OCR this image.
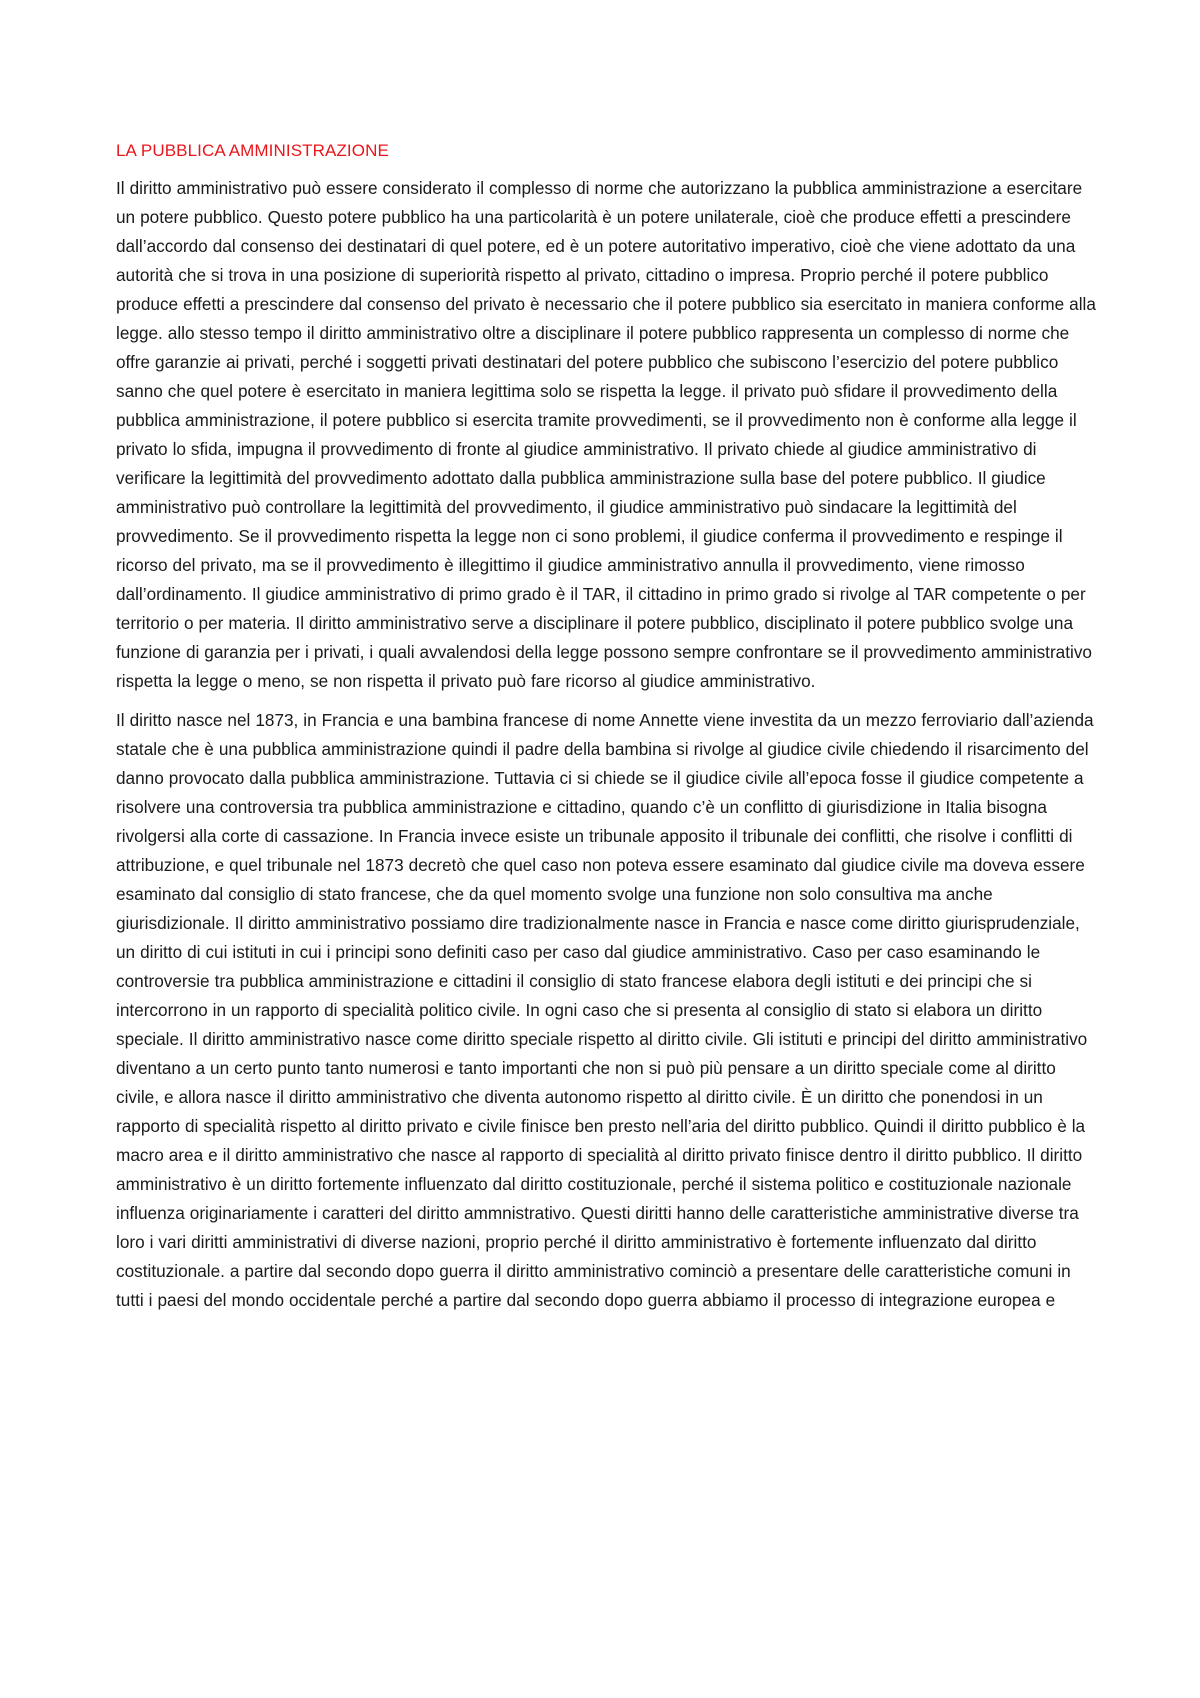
LA PUBBLICA AMMINISTRAZIONE

Il diritto amministrativo può essere considerato il complesso di norme che autorizzano la pubblica amministrazione a esercitare un potere pubblico. Questo potere pubblico ha una particolarità è un potere unilaterale, cioè che produce effetti a prescindere dall’accordo dal consenso dei destinatari di quel potere, ed è un potere autoritativo imperativo, cioè che viene adottato da una autorità che si trova in una posizione di superiorità rispetto al privato, cittadino o impresa. Proprio perché il potere pubblico produce effetti a prescindere dal consenso del privato è necessario che il potere pubblico sia esercitato in maniera conforme alla legge. allo stesso tempo il diritto amministrativo oltre a disciplinare il potere pubblico rappresenta un complesso di norme che offre garanzie ai privati, perché i soggetti privati destinatari del potere pubblico che subiscono l’esercizio del potere pubblico sanno che quel potere è esercitato in maniera legittima solo se rispetta la legge. il privato può sfidare il provvedimento della pubblica amministrazione, il potere pubblico si esercita tramite provvedimenti, se il provvedimento non è conforme alla legge il privato lo sfida, impugna il provvedimento di fronte al giudice amministrativo. Il privato chiede al giudice amministrativo di verificare la legittimità del provvedimento adottato dalla pubblica amministrazione sulla base del potere pubblico. Il giudice amministrativo può controllare la legittimità del provvedimento, il giudice amministrativo può sindacare la legittimità del provvedimento. Se il provvedimento rispetta la legge non ci sono problemi, il giudice conferma il provvedimento e respinge il ricorso del privato, ma se il provvedimento è illegittimo il giudice amministrativo annulla il provvedimento, viene rimosso dall’ordinamento. Il giudice amministrativo di primo grado è il TAR, il cittadino in primo grado si rivolge al TAR competente o per territorio o per materia. Il diritto amministrativo serve a disciplinare il potere pubblico, disciplinato il potere pubblico svolge una funzione di garanzia per i privati, i quali avvalendosi della legge possono sempre confrontare se il provvedimento amministrativo rispetta la legge o meno, se non rispetta il privato può fare ricorso al giudice amministrativo.

Il diritto nasce nel 1873, in Francia e una bambina francese di nome Annette viene investita da un mezzo ferroviario dall’azienda statale che è una pubblica amministrazione quindi il padre della bambina si rivolge al giudice civile chiedendo il risarcimento del danno provocato dalla pubblica amministrazione. Tuttavia ci si chiede se il giudice civile all’epoca fosse il giudice competente a risolvere una controversia tra pubblica amministrazione e cittadino, quando c’è un conflitto di giurisdizione in Italia bisogna rivolgersi alla corte di cassazione. In Francia invece esiste un tribunale apposito il tribunale dei conflitti, che risolve i conflitti di attribuzione, e quel tribunale nel 1873 decretò che quel caso non poteva essere esaminato dal giudice civile ma doveva essere esaminato dal consiglio di stato francese, che da quel momento svolge una funzione non solo consultiva ma anche giurisdizionale. Il diritto amministrativo possiamo dire tradizionalmente nasce in Francia e nasce come diritto giurisprudenziale, un diritto di cui istituti in cui i principi sono definiti caso per caso dal giudice amministrativo. Caso per caso esaminando le controversie tra pubblica amministrazione e cittadini il consiglio di stato francese elabora degli istituti e dei principi che si intercorrono in un rapporto di specialità politico civile. In ogni caso che si presenta al consiglio di stato si elabora un diritto speciale. Il diritto amministrativo nasce come diritto speciale rispetto al diritto civile. Gli istituti e principi del diritto amministrativo diventano a un certo punto tanto numerosi e tanto importanti che non si può più pensare a un diritto speciale come al diritto civile, e allora nasce il diritto amministrativo che diventa autonomo rispetto al diritto civile. È un diritto che ponendosi in un rapporto di specialità rispetto al diritto privato e civile finisce ben presto nell’aria del diritto pubblico. Quindi il diritto pubblico è la macro area e il diritto amministrativo che nasce al rapporto di specialità al diritto privato finisce dentro il diritto pubblico. Il diritto amministrativo è un diritto fortemente influenzato dal diritto costituzionale, perché il sistema politico e costituzionale nazionale influenza originariamente i caratteri del diritto ammnistrativo. Questi diritti hanno delle caratteristiche amministrative diverse tra loro i vari diritti amministrativi di diverse nazioni, proprio perché il diritto amministrativo è fortemente influenzato dal diritto costituzionale. a partire dal secondo dopo guerra il diritto amministrativo cominciò a presentare delle caratteristiche comuni in tutti i paesi del mondo occidentale perché a partire dal secondo dopo guerra abbiamo il processo di integrazione europea e
